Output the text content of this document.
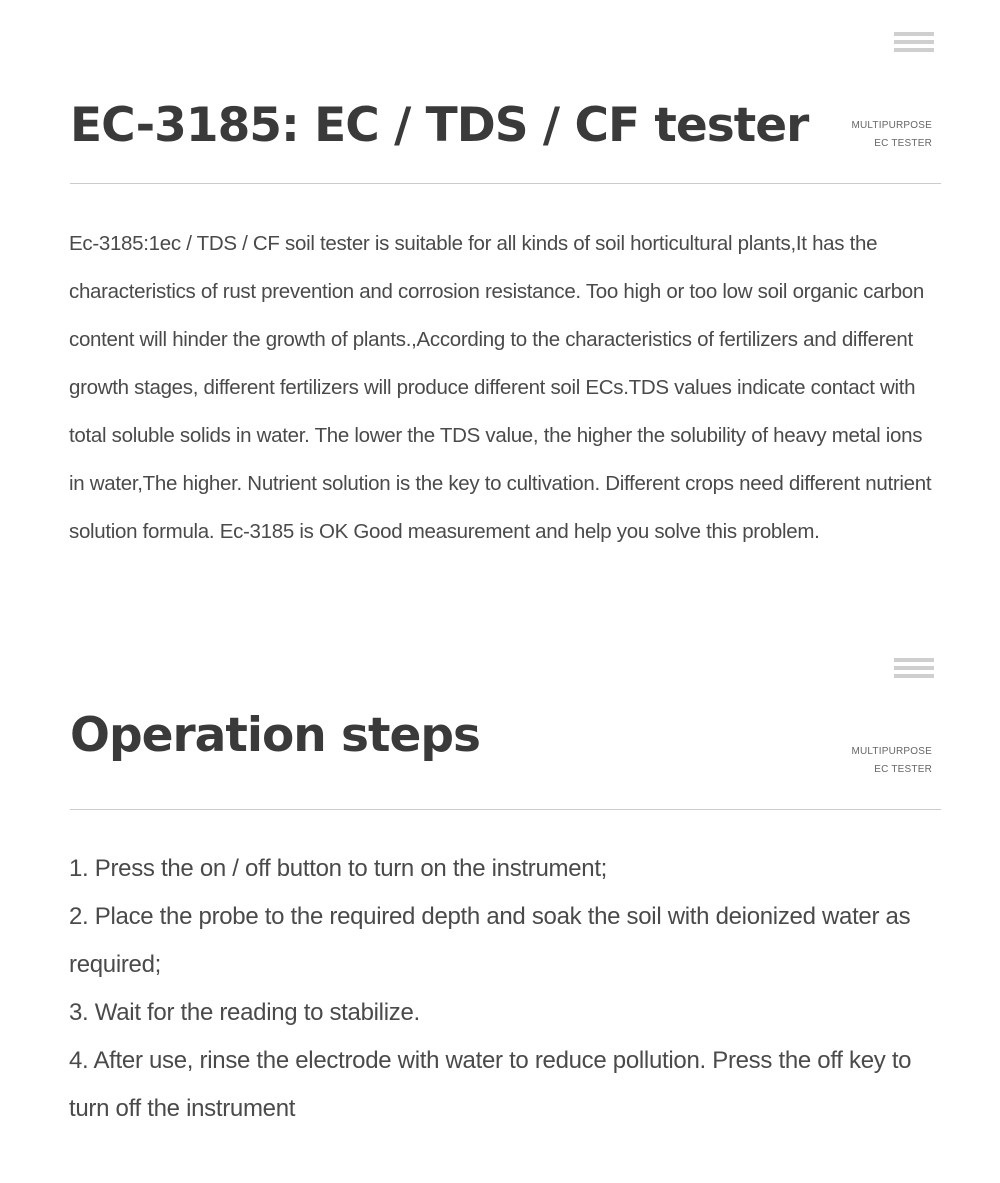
EC-3185: EC / TDS / CF tester	MULTIPURPOSE
EC TESTER

Ec-3185:1ec / TDS / CF soil tester is suitable for all kinds of soil horticultural plants,It has the characteristics of rust prevention and corrosion resistance. Too high or too low soil organic carbon content will hinder the growth of plants.,According to the characteristics of fertilizers and different growth stages, different fertilizers will produce different soil ECs.TDS values indicate contact with total soluble solids in water. The lower the TDS value, the higher the solubility of heavy metal ions in water,The higher. Nutrient solution is the key to cultivation. Different crops need different nutrient solution formula. Ec-3185 is OK Good measurement and help you solve this problem.

Operation steps	MULTIPURPOSE
EC TESTER
1. Press the on / off button to turn on the instrument;
2. Place the probe to the required depth and soak the soil with deionized water as required;
3. Wait for the reading to stabilize.
4. After use, rinse the electrode with water to reduce pollution. Press the off key to turn off the instrument
